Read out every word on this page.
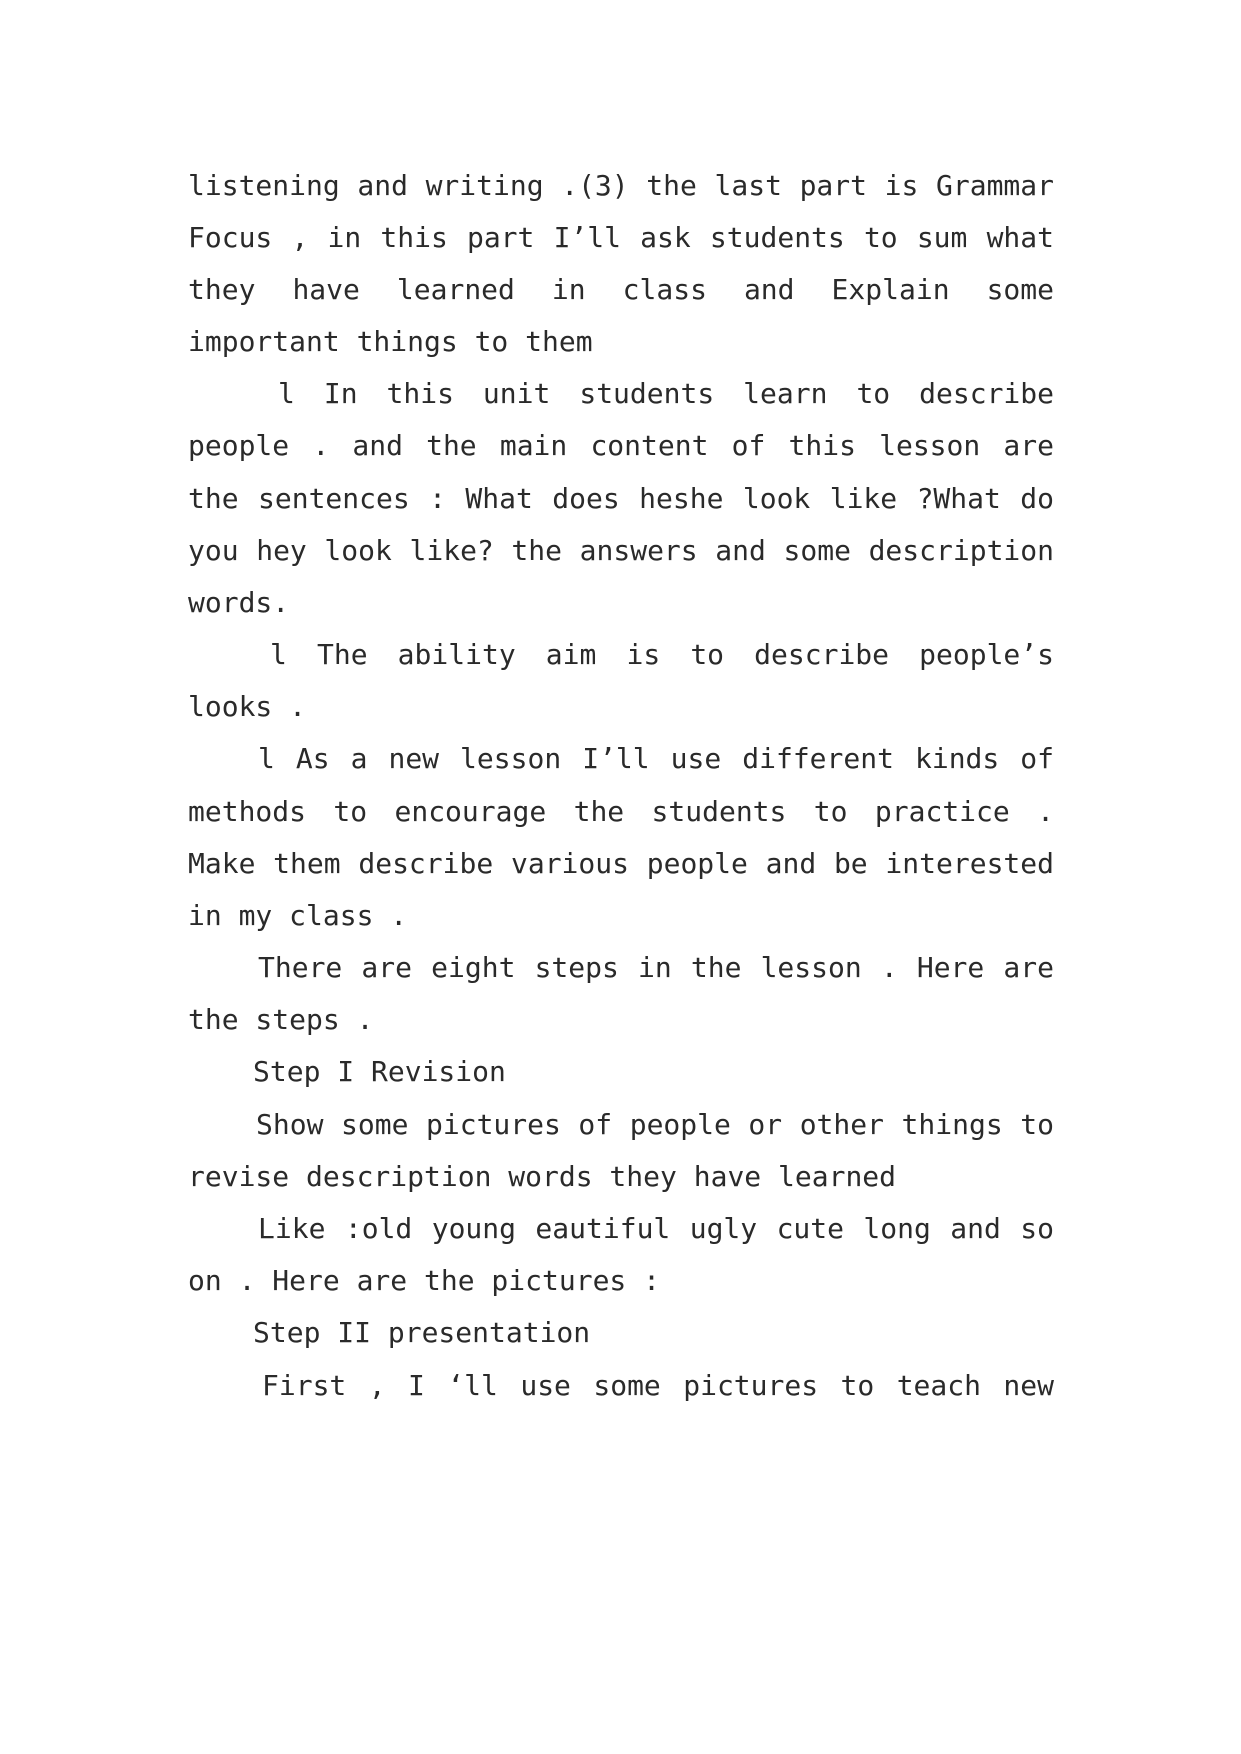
listening and writing .(3) the last part is Grammar
Focus , in this part I’ll ask students to sum what
they have learned in class and Explain some
important things to them
l In this unit students learn to describe
people . and the main content of this lesson are
the sentences : What does heshe look like ?What do
you hey look like? the answers and some description
words.
l The ability aim is to describe people’s
looks .
l As a new lesson I’ll use different kinds of
methods to encourage the students to practice .
Make them describe various people and be interested
in my class .
There are eight steps in the lesson . Here are
the steps .
Step I Revision
Show some pictures of people or other things to
revise description words they have learned
Like :old young eautiful ugly cute long and so
on . Here are the pictures :
Step II presentation
First , I ‘ll use some pictures to teach new
